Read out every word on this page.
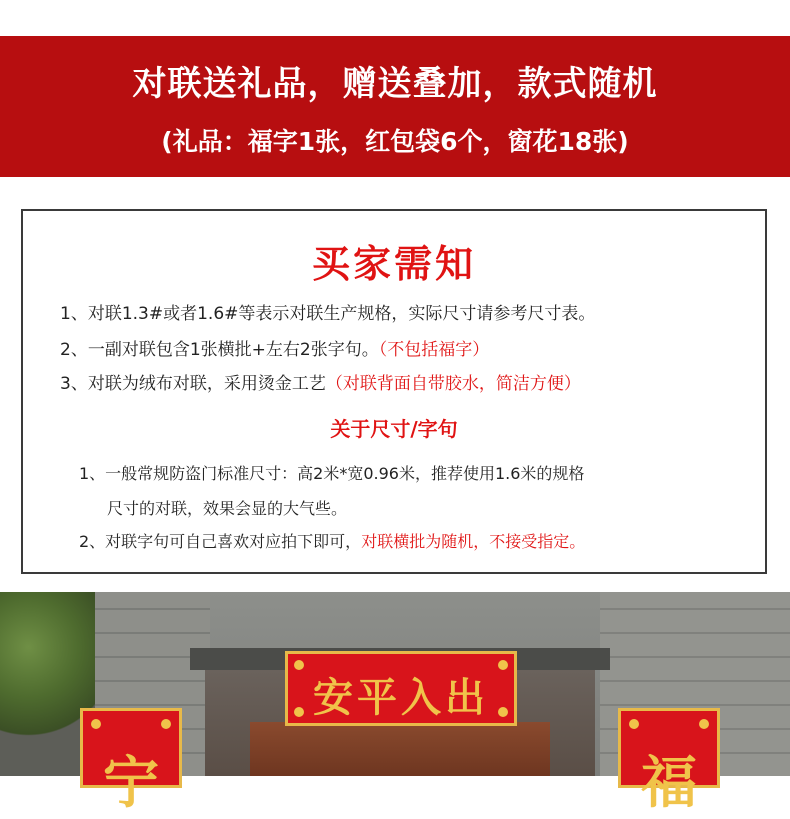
对联送礼品，赠送叠加，款式随机
(礼品：福字1张，红包袋6个，窗花18张)
买家需知
1、对联1.3#或者1.6#等表示对联生产规格，实际尺寸请参考尺寸表。
2、一副对联包含1张横批+左右2张字句。（不包括福字）
3、对联为绒布对联，采用烫金工艺（对联背面自带胶水，简洁方便）
关于尺寸/字句
1、一般常规防盗门标准尺寸：高2米*宽0.96米，推荐使用1.6米的规格
尺寸的对联，效果会显的大气些。
2、对联字句可自己喜欢对应拍下即可，对联横批为随机，不接受指定。
安平入出
宁	福
